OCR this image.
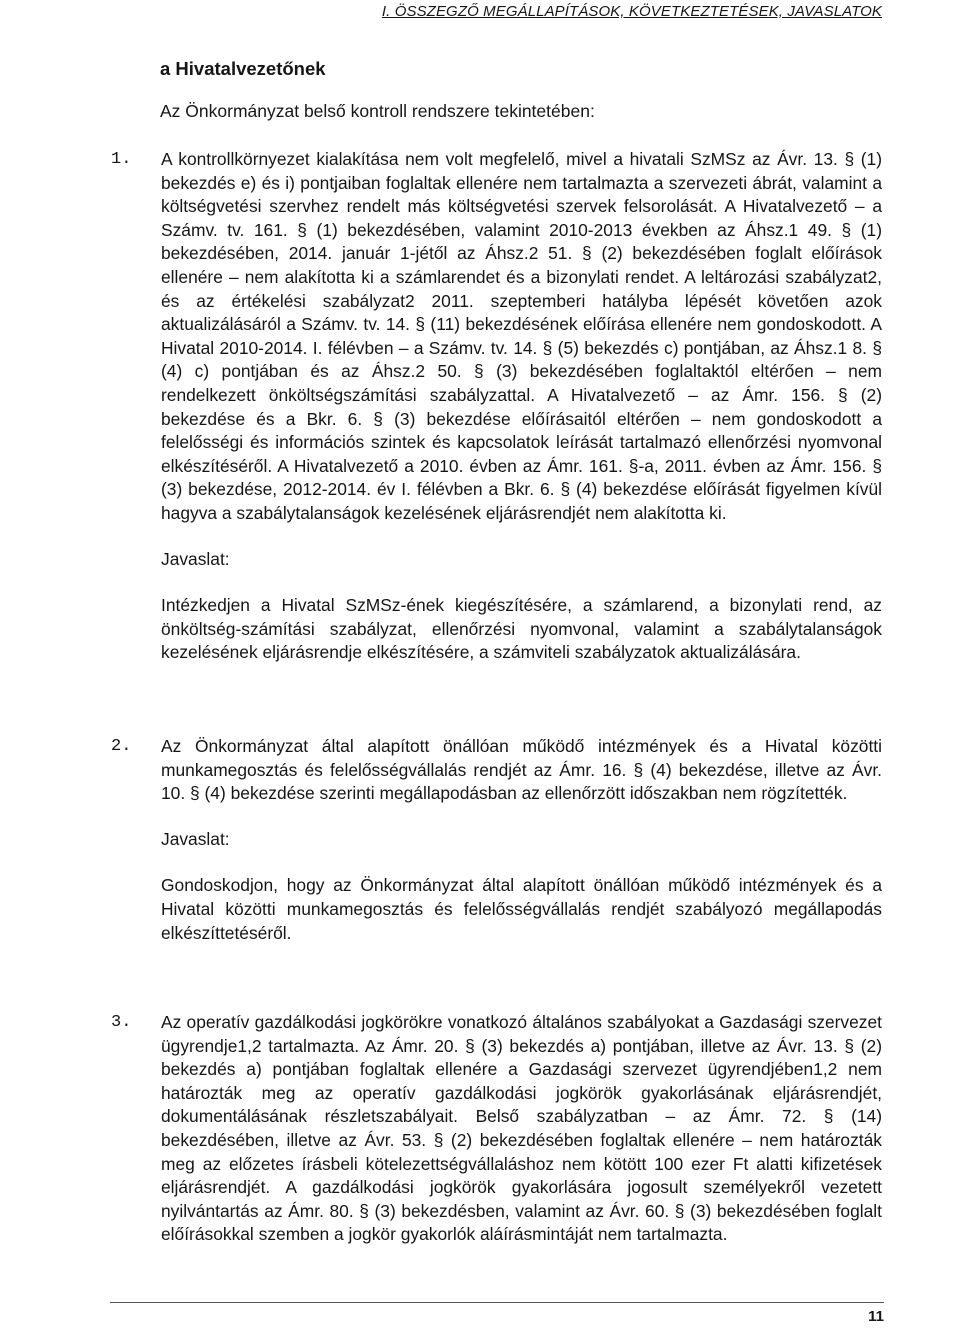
I. ÖSSZEGZŐ MEGÁLLAPÍTÁSOK, KÖVETKEZTETÉSEK, JAVASLATOK
a Hivatalvezetőnek
Az Önkormányzat belső kontroll rendszere tekintetében:
1. A kontrollkörnyezet kialakítása nem volt megfelelő, mivel a hivatali SzMSz az Ávr. 13. § (1) bekezdés e) és i) pontjaiban foglaltak ellenére nem tartalmazta a szervezeti ábrát, valamint a költségvetési szervhez rendelt más költségvetési szervek felsorolását. A Hivatalvezető – a Számv. tv. 161. § (1) bekezdésében, valamint 2010-2013 években az Áhsz.1 49. § (1) bekezdésében, 2014. január 1-jétől az Áhsz.2 51. § (2) bekezdésében foglalt előírások ellenére – nem alakította ki a számlarendet és a bizonylati rendet. A leltározási szabályzat2, és az értékelési szabályzat2 2011. szeptemberi hatályba lépését követően azok aktualizálásáról a Számv. tv. 14. § (11) bekezdésének előírása ellenére nem gondoskodott. A Hivatal 2010-2014. I. félévben – a Számv. tv. 14. § (5) bekezdés c) pontjában, az Áhsz.1 8. § (4) c) pontjában és az Áhsz.2 50. § (3) bekezdésében foglaltaktól eltérően – nem rendelkezett önköltségszámítási szabályzattal. A Hivatalvezető – az Ámr. 156. § (2) bekezdése és a Bkr. 6. § (3) bekezdése előírásaitól eltérően – nem gondoskodott a felelősségi és információs szintek és kapcsolatok leírását tartalmazó ellenőrzési nyomvonal elkészítéséről. A Hivatalvezető a 2010. évben az Ámr. 161. §-a, 2011. évben az Ámr. 156. § (3) bekezdése, 2012-2014. év I. félévben a Bkr. 6. § (4) bekezdése előírását figyelmen kívül hagyva a szabálytalanságok kezelésének eljárásrendjét nem alakította ki.

Javaslat:

Intézkedjen a Hivatal SzMSz-ének kiegészítésére, a számlarend, a bizonylati rend, az önköltség-számítási szabályzat, ellenőrzési nyomvonal, valamint a szabálytalanságok kezelésének eljárásrendje elkészítésére, a számviteli szabályzatok aktualizálására.

2. Az Önkormányzat által alapított önállóan működő intézmények és a Hivatal közötti munkamegosztás és felelősségvállalás rendjét az Ámr. 16. § (4) bekezdése, illetve az Ávr. 10. § (4) bekezdése szerinti megállapodásban az ellenőrzött időszakban nem rögzítették.

Javaslat:

Gondoskodjon, hogy az Önkormányzat által alapított önállóan működő intézmények és a Hivatal közötti munkamegosztás és felelősségvállalás rendjét szabályozó megállapodás elkészíttetéséről.

3. Az operatív gazdálkodási jogkörökre vonatkozó általános szabályokat a Gazdasági szervezet ügyrendje1,2 tartalmazta. Az Ámr. 20. § (3) bekezdés a) pontjában, illetve az Ávr. 13. § (2) bekezdés a) pontjában foglaltak ellenére a Gazdasági szervezet ügyrendjében1,2 nem határozták meg az operatív gazdálkodási jogkörök gyakorlásának eljárásrendjét, dokumentálásának részletszabályait. Belső szabályzatban – az Ámr. 72. § (14) bekezdésében, illetve az Ávr. 53. § (2) bekezdésében foglaltak ellenére – nem határozták meg az előzetes írásbeli kötelezettségvállaláshoz nem kötött 100 ezer Ft alatti kifizetések eljárásrendjét. A gazdálkodási jogkörök gyakorlására jogosult személyekről vezetett nyilvántartás az Ámr. 80. § (3) bekezdésben, valamint az Ávr. 60. § (3) bekezdésében foglalt előírásokkal szemben a jogkör gyakorlók aláírásmintáját nem tartalmazta.

11
